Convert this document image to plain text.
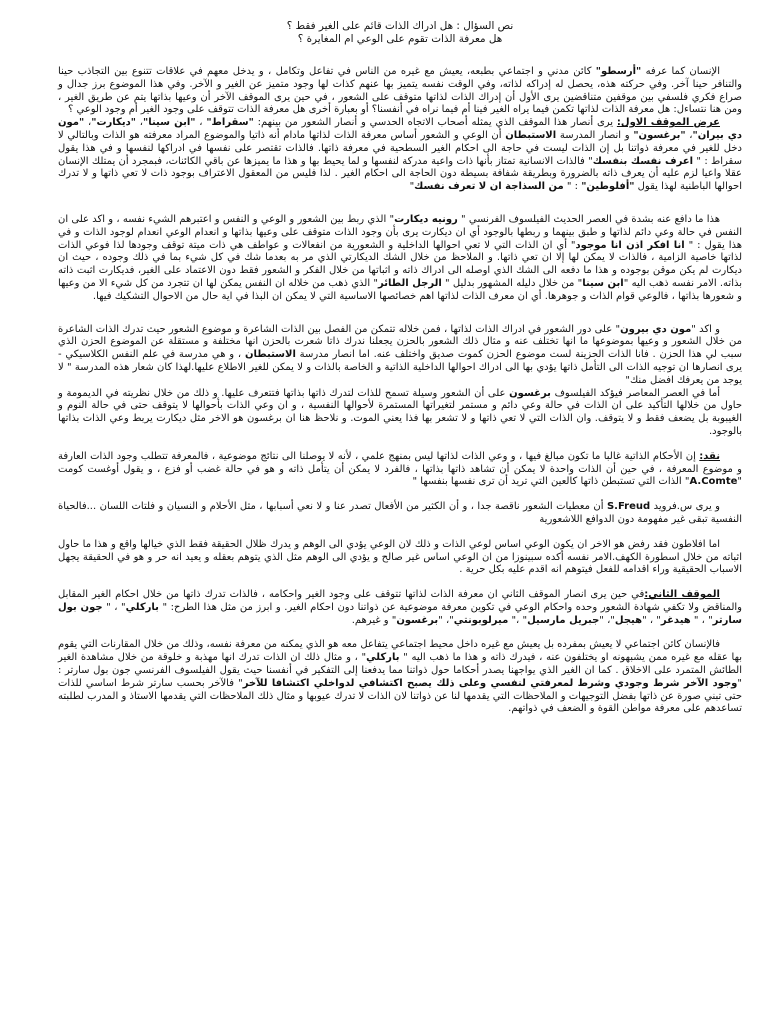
نص السؤال : هل ادراك الذات قائم على الغير فقط ؟

هل معرفة الذات تقوم على الوعي ام المغايرة ؟

الإنسان كما عرفه "أرسطو" كائن مدني و اجتماعي بطبعه، يعيش مع غيره من الناس في تفاعل وتكامل ، و يدخل معهم في علاقات تتنوع بين التجاذب حينا والتنافر حينا آخر. وفي حركته هذه، يحصل له إدراكه لذاته، وفي الوقت نفسه يتميز بها عنهم كذات لها وجود متميز عن الغير و الآخر. وفي هذا الموضوع برز جدال و صراع فكري فلسفي بين موقفين متناقضين يرى الأول أن إدراك الذات لذاتها متوقف على الشعور ، في حين يرى الموقف الآخر أن وعيها بذاتها يتم عن طريق الغير ، ومن هنا نتساءل: هل معرفة الذات لذاتها تكمن فيما يراه الغير فينا أم فيما نراه في أنفسنا؟ أو بعبارة أخرى هل معرفة الذات تتوقف على وجود الغير أم وجود الوعي ؟

عرض الموقف الاول: يرى أنصار هذا الموقف الذي يمثله أصحاب الاتجاه الحدسي و أنصار الشعور من بينهم: "سقراط" ، "ابن سينا"، "ديكارت"، "مون دي بيران"، "برغسون" و انصار المدرسة الاستبطان أن الوعي و الشعور أساس معرفة الذات لذاتها مادام أنه ذاتيا والموضوع المراد معرفته هو الذات وبالتالي لا دخل للغير في معرفة ذواتنا بل إن الذات ليست في حاجة الى احكام الغير السطحية في معرفة ذاتها. فالذات تقتصر على نفسها في ادراكها لنفسها و في هذا يقول سقراط : " اعرف نفسك بنفسك" فالذات الانسانية تمتاز بأنها ذات واعية مدركة لنفسها و لما يحيط بها و هذا ما يميزها عن باقي الكائنات، فبمجرد أن يمتلك الإنسان عقلا واعيا لزم عليه أن يعرف ذاته بالضرورة وبطريقة شفافة بسيطة دون الحاجة الى احكام الغير . لذا فليس من المعقول الاعتراف بوجود ذات لا تعي ذاتها و لا تدرك احوالها الباطنية لهذا يقول "أفلوطين" : " من السذاجة ان لا تعرف نفسك"

هذا ما دافع عنه بشدة في العصر الحديث الفيلسوف الفرنسي " رونيه ديكارت" الذي ربط بين الشعور و الوعي و النفس و اعتبرهم الشيء نفسه ، و اكد على ان النفس في حالة وعي دائم لذاتها و طبق بينهما و ربطها بالوجود أي ان ديكارت يرى بأن وجود الذات متوقف على وعيها بذاتها و انعدام الوعي انعدام لوجود الذات و في هذا يقول : " انا افكر اذن انا موجود" أي ان الذات التي لا تعي احوالها الداخلية و الشعورية من انفعالات و عواطف هي ذات ميتة توقف وجودها لذا فوعي الذات لذاتها خاصية الزامية ، فالذات لا يمكن لها إلا ان تعي ذاتها. و الملاحظ من خلال الشك الديكارتي الذي مر به بعدما شك في كل شيء بما في ذلك وجوده ، حيث ان ديكارت لم يكن موقن بوجوده و هذا ما دفعه الى الشك الذي اوصله الى ادراك ذاته و اثباتها من خلال الفكر و الشعور فقط دون الاعتماد على الغير، فديكارت اثبت ذاته بذاته. الامر نفسه ذهب اليه "ابن سينا" من خلال دليله المشهور بدليل " الرجل الطائر" الذي ذهب من خلاله ان النفس يمكن لها ان تتجرد من كل شيء الا من وعيها و شعورها بذاتها ، فالوعي قوام الذات و جوهرها. أي ان معرف الذات لذاتها اهم خصائصها الاساسية التي لا يمكن ان البذا في اية حال من الاحوال التشكيك فيها.

و اكد "مون دي بيرون" على دور الشعور في ادراك الذات لذاتها ، فمن خلاله تتمكن من الفصل بين الذات الشاعرة و موضوع الشعور حيث تدرك الذات الشاعرة من خلال الشعور و وعيها بموضوعها ما انها تختلف عنه و مثال ذلك الشعور بالحزن يجعلنا ندرك ذاتا شعرت بالحزن انها مختلفة و مستقلة عن الموضوع الحزن الذي سبب لي هذا الحزن . فانا الذات الحزينة لست موضوع الحزن كموت صديق واختلف عنه. اما انصار مدرسة الاستبطان ، و هي مدرسة في علم النفس الكلاسيكي - يرى انصارها ان توجيه الذات الى التأمل ذاتها يؤدي بها الى ادراك احوالها الداخلية الذاتية و الخاصة بالذات و لا يمكن للغير الاطلاع عليها.لهذا كان شعار هذه المدرسة " لا يوجد من يعرفك افضل منك"

أما في العصر المعاصر فيؤكد الفيلسوف برغسون على أن الشعور وسيلة تسمح للذات لتدرك ذاتها بذاتها فتتعرف عليها. و ذلك من خلال نظريته في الديمومة و حاول من خلالها التأكيد على ان الذات في حالة وعي دائم و مستمر لتغيراتها المستمرة لأحوالها النفسية ، و ان وعي الذات بأحوالها لا يتوقف حتى في حالة النوم و الغيبوبة بل يضعف فقط و لا يتوقف. وان الذات التي لا تعي ذاتها و لا تشعر بها فذا يعني الموت. و نلاحظ هنا ان برغسون هو الاخر مثل ديكارت يربط وعي الذات بذاتها بالوجود.

نقد: إن الأحكام الذاتية غالبا ما تكون مبالغ فيها ، و وعي الذات لذاتها ليس بمنهج علمي ، لأنه لا يوصلنا الى نتائج موضوعية ، فالمعرفة تتطلب وجود الذات العارفة و موضوع المعرفة ، في حين أن الذات واحدة لا يمكن أن تشاهد ذاتها بذاتها ، فالفرد لا يمكن أن يتأمل ذاته و هو في حالة غضب أو فزع ، و يقول أوغست كومت "A.Comte" الذات التي تستبطن ذاتها كالعين التي تريد أن ترى نفسها بنفسها "

و يرى س.فرويد S.Freud أن معطيات الشعور ناقصة جدا ، و أن الكثير من الأفعال تصدر عنا و لا نعي أسبابها ، مثل الأحلام و النسيان و فلتات اللسان ...فالحياة النفسية تبقى غير مفهومة دون الدوافع اللاشعورية

اما افلاطون فقد رفض هو الاخر ان يكون الوعي اساس لوعي الذات و ذلك لان الوعي يؤدي الى الوهم و يدرك ظلال الحقيقة فقط الذي خيالها واقع و هذا ما حاول اثباته من خلال اسطورة الكهف.الامر نفسه أكده سبينوزا من ان الوعي اساس غير صالح و يؤدي الى الوهم مثل الذي يتوهم بعقله و يعيد انه حر و هو في الحقيقة يجهل الاسباب الحقيقية وراء اقدامه للفعل فيتوهم انه اقدم عليه بكل حرية .

الموقف الثاني:في حين يرى انصار الموقف الثاني ان معرفة الذات لذاتها تتوقف على وجود الغير واحكامه ، فالذات تدرك ذاتها من خلال احكام الغير المقابل والمناقض ولا تكفي شهادة الشعور وحده واحكام الوعي في تكوين معرفة موضوعية عن ذواتنا دون احكام الغير. و ابرز من مثل هذا الطرح: " باركلي" ، " جون بول سارتر" ، " هيدغر" ، "هيجل"، "جبريل مارسيل" ،" ميرلوبونتي"، "برغسون" و غيرهم.

فالإنسان كائن اجتماعي لا يعيش بمفرده بل يعيش مع غيره داخل محيط اجتماعي يتفاعل معه هو الذي يمكنه من معرفة نفسه، وذلك من خلال المقارنات التي يقوم بها عقله مع غيره ممن يشبهونه او يختلفون عنه ، فيدرك ذاته و هذا ما ذهب اليه " باركلي" ، و مثال ذلك ان الذات تدرك انها مهذبة و خلوقة من خلال مشاهدة الغير الطائش المتمرد على الاخلاق . كما ان الغير الذي يواجهنا يصدر أحكاما حول ذواتنا مما يدفعنا إلى التفكير في أنفسنا حيث يقول الفيلسوف الفرنسي جون بول سارتر : "وجود الآخر شرط وجودي وشرط لمعرفتي لنفسي وعلى ذلك يصبح اكتشافي لدواخلي اكتشافا للآخر" فالآخر بحسب سارتر شرط اساسي للذات حتى تبني صورة عن ذاتها بفضل التوجيهات و الملاحظات التي يقدمها لنا عن ذواتنا لان الذات لا تدرك عيوبها و مثال ذلك الملاحظات التي يقدمها الاستاذ و المدرب لطلبته تساعدهم على معرفة مواطن القوة و الضعف في ذواتهم.
